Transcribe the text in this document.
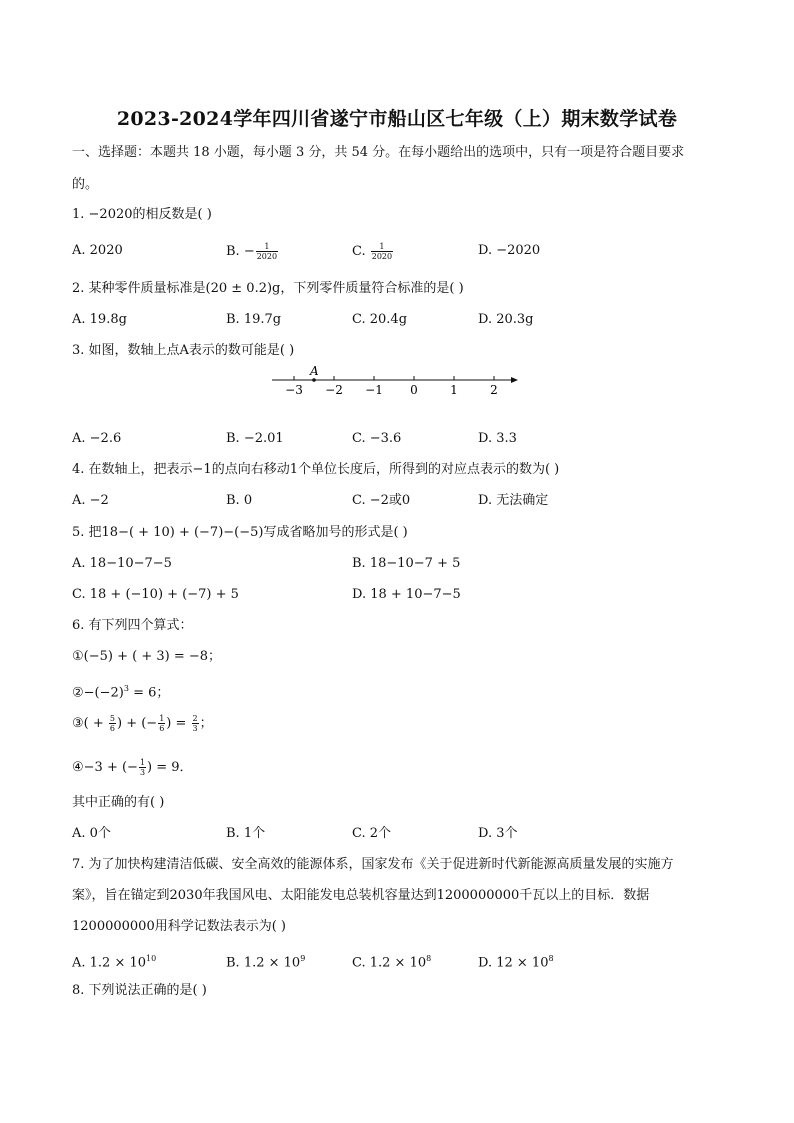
2023-2024学年四川省遂宁市船山区七年级（上）期末数学试卷
一、选择题：本题共 18 小题，每小题 3 分，共 54 分。在每小题给出的选项中，只有一项是符合题目要求
的。
1. −2020的相反数是( )
A. 2020	B. − $\frac{1}{2020}$	C. $\frac{1}{2020}$	D. −2020
2. 某种零件质量标准是(20 ± 0.2)g，下列零件质量符合标准的是( )
A. 19.8g	B. 19.7g	C. 20.4g	D. 20.3g
3. 如图，数轴上点A表示的数可能是( )
−3 −2 −1 0	1	2
A
A. −2.6	B. −2.01	C. −3.6	D. 3.3
4. 在数轴上，把表示−1的点向右移动1个单位长度后，所得到的对应点表示的数为( )
A. −2	B. 0	C. −2或0	D. 无法确定
5. 把18−( + 10) + (−7)−(−5)写成省略加号的形式是( )
A. 18−10−7−5	B. 18−10−7 + 5
C. 18 + (−10) + (−7) + 5	D. 18 + 10−7−5
6. 有下列四个算式：
①(−5) + ( + 3) = −8；
$②-(-2)^3 = 6$；
③( + $\frac{5}{6}$ ) + (− $\frac{1}{6}$ ) = $\frac{2}{3}$ ；
④−3 + (− $\frac{1}{3}$ ) = 9．
其中正确的有( )
A. 0个	B. 1个	C. 2个	D. 3个
7. 为了加快构建清洁低碳、安全高效的能源体系，国家发布《关于促进新时代新能源高质量发展的实施方
案》，旨在锚定到2030年我国风电、太阳能发电总装机容量达到1200000000千瓦以上的目标．数据
1200000000用科学记数法表示为( )
A. $1.2 \times 10^{10}$	B. $1.2 \times 10^9$	C. $1.2 \times 10^8$	D. $12 \times 10^8$
8. 下列说法正确的是( )
